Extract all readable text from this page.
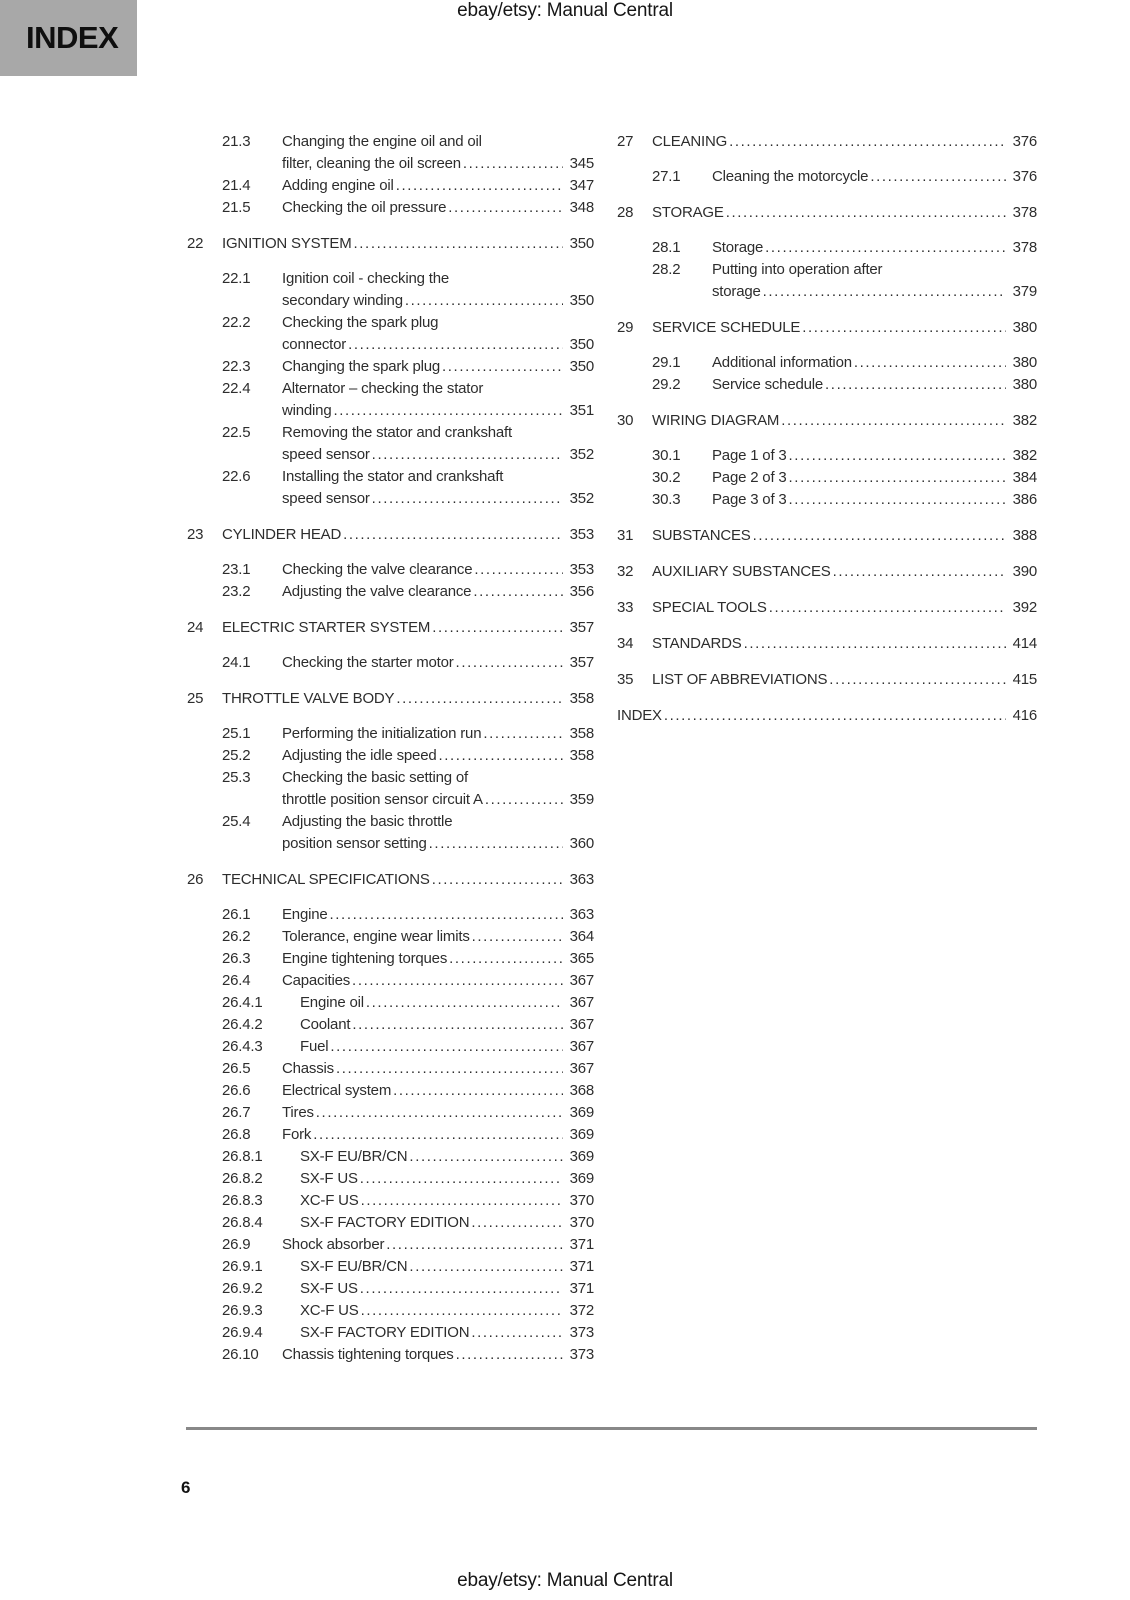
INDEX
ebay/etsy: Manual Central
21.3	Changing the engine oil and oil
filter, cleaning the oil screen .....	345
21.4	Adding engine oil .....	347
21.5	Checking the oil pressure .....	348
22	IGNITION SYSTEM .....	350
22.1	Ignition coil - checking the
secondary winding .....	350
22.2	Checking the spark plug
connector .....	350
22.3	Changing the spark plug .....	350
22.4	Alternator – checking the stator
winding .....	351
22.5	Removing the stator and crankshaft
speed sensor .....	352
22.6	Installing the stator and crankshaft
speed sensor .....	352
23	CYLINDER HEAD .....	353
23.1	Checking the valve clearance .....	353
23.2	Adjusting the valve clearance .....	356
24	ELECTRIC STARTER SYSTEM .....	357
24.1	Checking the starter motor .....	357
25	THROTTLE VALVE BODY .....	358
25.1	Performing the initialization run .....	358
25.2	Adjusting the idle speed .....	358
25.3	Checking the basic setting of
throttle position sensor circuit A .....	359
25.4	Adjusting the basic throttle
position sensor setting .....	360
26	TECHNICAL SPECIFICATIONS .....	363
26.1	Engine .....	363
26.2	Tolerance, engine wear limits .....	364
26.3	Engine tightening torques .....	365
26.4	Capacities .....	367
26.4.1	Engine oil .....	367
26.4.2	Coolant .....	367
26.4.3	Fuel .....	367
26.5	Chassis .....	367
26.6	Electrical system .....	368
26.7	Tires .....	369
26.8	Fork .....	369
26.8.1	SX-F EU/BR/CN .....	369
26.8.2	SX-F US .....	369
26.8.3	XC-F US .....	370
26.8.4	SX-F FACTORY EDITION .....	370
26.9	Shock absorber .....	371
26.9.1	SX-F EU/BR/CN .....	371
26.9.2	SX-F US .....	371
26.9.3	XC-F US .....	372
26.9.4	SX-F FACTORY EDITION .....	373
26.10	Chassis tightening torques .....	373
27	CLEANING .....	376
27.1	Cleaning the motorcycle .....	376
28	STORAGE .....	378
28.1	Storage .....	378
28.2	Putting into operation after
storage .....	379
29	SERVICE SCHEDULE .....	380
29.1	Additional information .....	380
29.2	Service schedule .....	380
30	WIRING DIAGRAM .....	382
30.1	Page 1 of 3 .....	382
30.2	Page 2 of 3 .....	384
30.3	Page 3 of 3 .....	386
31	SUBSTANCES .....	388
32	AUXILIARY SUBSTANCES .....	390
33	SPECIAL TOOLS .....	392
34	STANDARDS .....	414
35	LIST OF ABBREVIATIONS .....	415
INDEX .....	416
6
ebay/etsy: Manual Central
